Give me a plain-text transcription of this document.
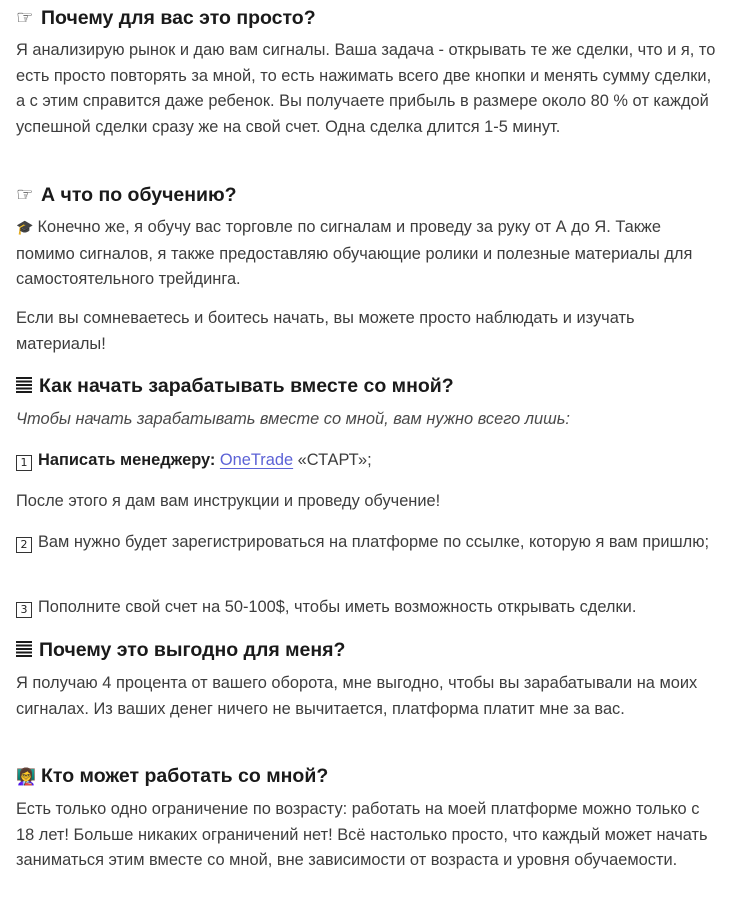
☞ Почему для вас это просто?

Я анализирую рынок и даю вам сигналы. Ваша задача - открывать те же сделки, что и я, то есть просто повторять за мной, то есть нажимать всего две кнопки и менять сумму сделки, а с этим справится даже ребенок. Вы получаете прибыль в размере около 80 % от каждой успешной сделки сразу же на свой счет. Одна сделка длится 1-5 минут.

☞ А что по обучению?

🎓 Конечно же, я обучу вас торговле по сигналам и проведу за руку от А до Я. Также помимо сигналов, я также предоставляю обучающие ролики и полезные материалы для самостоятельного трейдинга.

Если вы сомневаетесь и боитесь начать, вы можете просто наблюдать и изучать материалы!

Как начать зарабатывать вместе со мной?

Чтобы начать зарабатывать вместе со мной, вам нужно всего лишь:

1 Написать менеджеру: OneTrade «СТАРТ»;

После этого я дам вам инструкции и проведу обучение!

2 Вам нужно будет зарегистрироваться на платформе по ссылке, которую я вам пришлю;

3 Пополните свой счет на 50-100$, чтобы иметь возможность открывать сделки.

Почему это выгодно для меня?

Я получаю 4 процента от вашего оборота, мне выгодно, чтобы вы зарабатывали на моих сигналах. Из ваших денег ничего не вычитается, платформа платит мне за вас.

👩‍🏫 Кто может работать со мной?

Есть только одно ограничение по возрасту: работать на моей платформе можно только с 18 лет! Больше никаких ограничений нет! Всё настолько просто, что каждый может начать заниматься этим вместе со мной, вне зависимости от возраста и уровня обучаемости.
